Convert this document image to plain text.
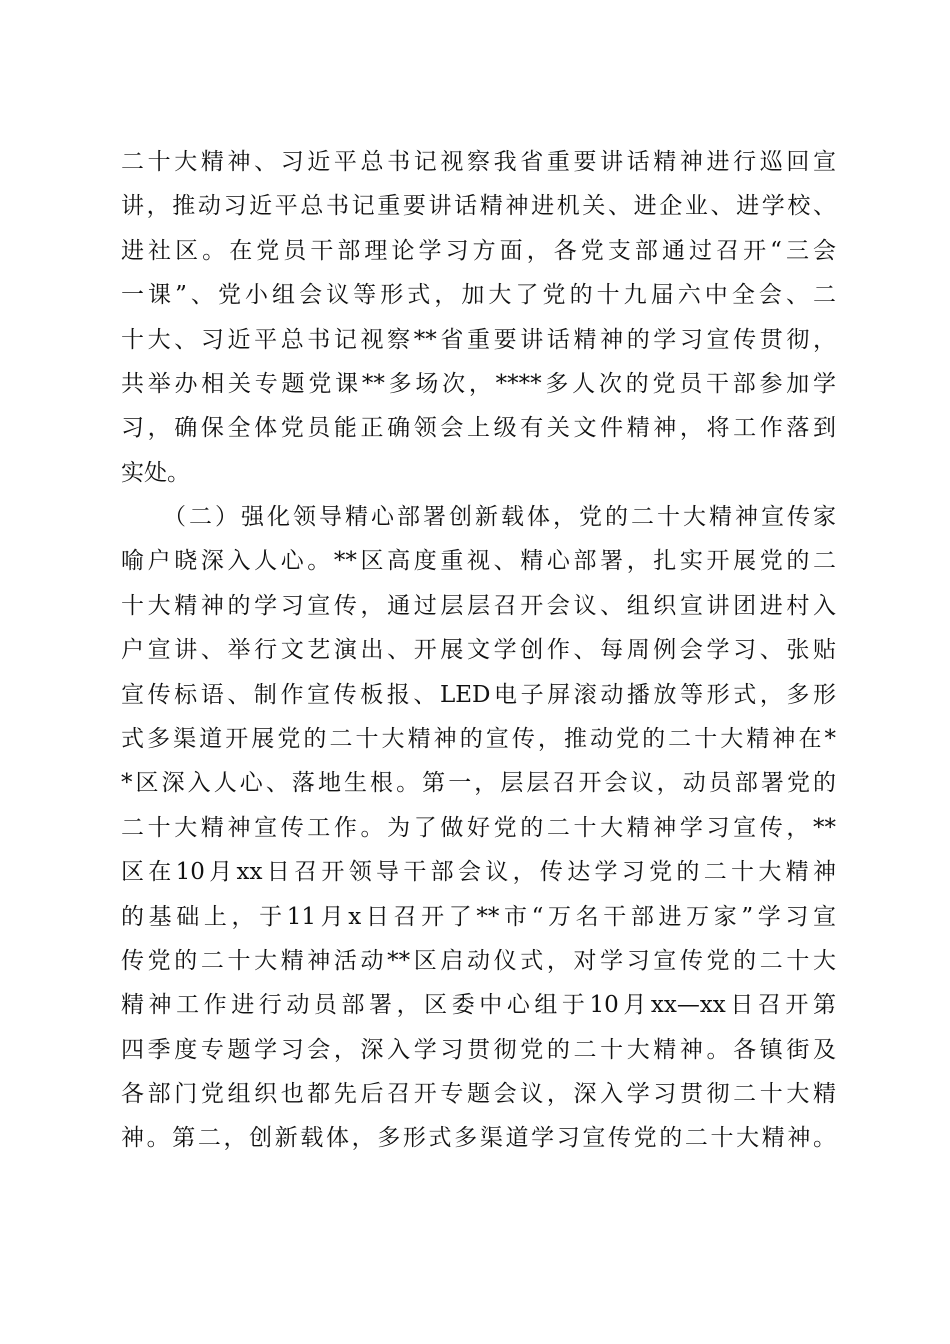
二十大精神、习近平总书记视察我省重要讲话精神进行巡回宣
讲，推动习近平总书记重要讲话精神进机关、进企业、进学校、
进社区。在党员干部理论学习方面，各党支部通过召开“三会
一课”、党小组会议等形式，加大了党的十九届六中全会、二
十大、习近平总书记视察**省重要讲话精神的学习宣传贯彻，
共举办相关专题党课**多场次，****多人次的党员干部参加学
习，确保全体党员能正确领会上级有关文件精神，将工作落到
实处。
（二）强化领导精心部署创新载体，党的二十大精神宣传家
喻户晓深入人心。**区高度重视、精心部署，扎实开展党的二
十大精神的学习宣传，通过层层召开会议、组织宣讲团进村入
户宣讲、举行文艺演出、开展文学创作、每周例会学习、张贴
宣传标语、制作宣传板报、LED电子屏滚动播放等形式，多形
式多渠道开展党的二十大精神的宣传，推动党的二十大精神在*
*区深入人心、落地生根。第一，层层召开会议，动员部署党的
二十大精神宣传工作。为了做好党的二十大精神学习宣传，**
区在10月xx日召开领导干部会议，传达学习党的二十大精神
的基础上，于11月x日召开了**市“万名干部进万家”学习宣
传党的二十大精神活动**区启动仪式，对学习宣传党的二十大
精神工作进行动员部署，区委中心组于10月xx—xx日召开第
四季度专题学习会，深入学习贯彻党的二十大精神。各镇街及
各部门党组织也都先后召开专题会议，深入学习贯彻二十大精
神。第二，创新载体，多形式多渠道学习宣传党的二十大精神。
